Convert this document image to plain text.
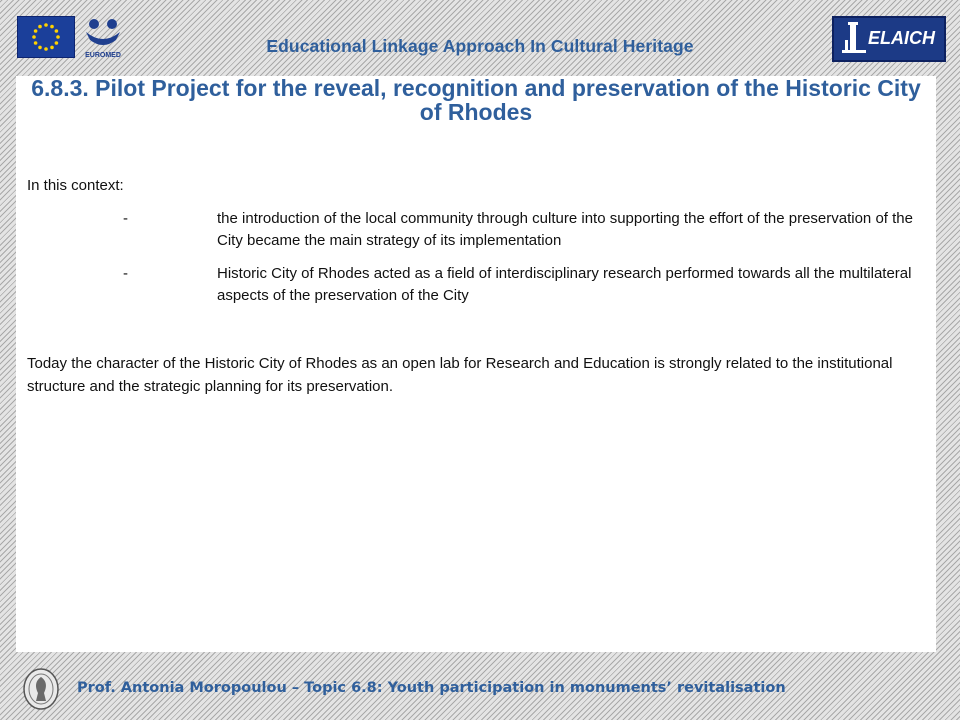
EUROMED	Educational Linkage Approach In Cultural Heritage	ELAICH
6.8.3. Pilot Project for the reveal, recognition and preservation of the Historic City of Rhodes
In this context:
-	the introduction of the local community through culture into supporting the effort of the preservation of the City became the main strategy of its implementation
-	Historic City of Rhodes acted as a field of interdisciplinary research performed towards all the multilateral aspects of the preservation of the City
Today the character of the Historic City of Rhodes as an open lab for Research and Education is strongly related to the institutional structure and the strategic planning for its preservation.
Prof. Antonia Moropoulou – Topic 6.8: Youth participation in monuments’ revitalisation
